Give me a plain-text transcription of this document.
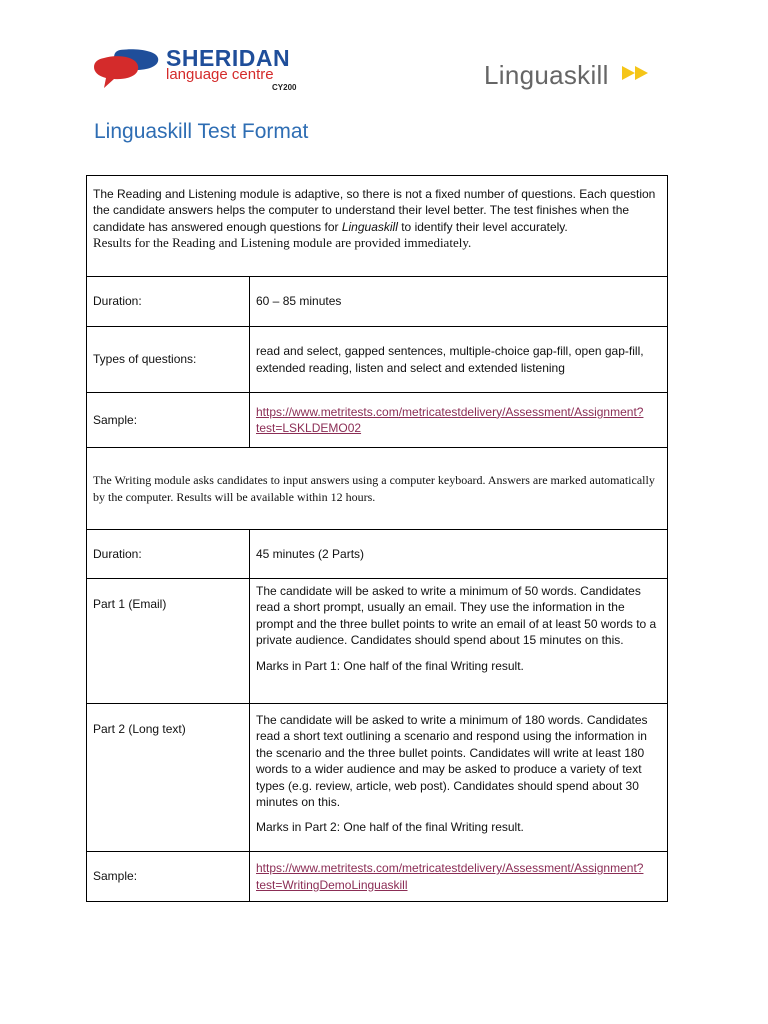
SHERIDAN
language centre
CY200	Linguaskill
Linguaskill Test Format
The Reading and Listening module is adaptive, so there is not a fixed number of questions. Each question the candidate answers helps the computer to understand their level better. The test finishes when the candidate has answered enough questions for Linguaskill to identify their level accurately.
Results for the Reading and Listening module are provided immediately.	

Duration:	60 – 85 minutes
Types of questions:	read and select, gapped sentences, multiple-choice gap-fill, open gap-fill, extended reading, listen and select and extended listening
Sample:	https://www.metritests.com/metricatestdelivery/Assessment/Assignment?test=LSKLDEMO02
The Writing module asks candidates to input answers using a computer keyboard. Answers are marked automatically by the computer. Results will be available within 12 hours.	
Duration:	45 minutes (2 Parts)
Part 1 (Email)	The candidate will be asked to write a minimum of 50 words. Candidates read a short prompt, usually an email. They use the information in the prompt and the three bullet points to write an email of at least 50 words to a private audience. Candidates should spend about 15 minutes on this.
Marks in Part 1: One half of the final Writing result.

Part 2 (Long text)	The candidate will be asked to write a minimum of 180 words. Candidates read a short text outlining a scenario and respond using the information in the scenario and the three bullet points. Candidates will write at least 180 words to a wider audience and may be asked to produce a variety of text types (e.g. review, article, web post). Candidates should spend about 30 minutes on this.
Marks in Part 2: One half of the final Writing result.

Sample:	https://www.metritests.com/metricatestdelivery/Assessment/Assignment?test=WritingDemoLinguaskill
